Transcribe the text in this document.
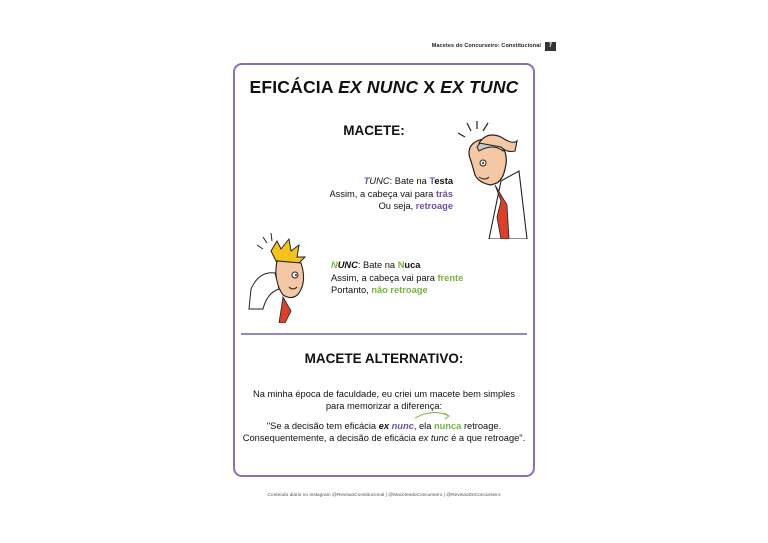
Macetes do Concurseiro: Constitucional	7
EFICÁCIA EX NUNC X EX TUNC
MACETE:
TUNC: Bate na Testa
Assim, a cabeça vai para trás
Ou seja, retroage
NUNC: Bate na Nuca
Assim, a cabeça vai para frente
Portanto, não retroage
MACETE ALTERNATIVO:
Na minha época de faculdade, eu criei um macete bem simples
para memorizar a diferença:
"Se a decisão tem eficácia ex nunc, ela nunca retroage.
Consequentemente, a decisão de eficácia ex tunc é a que retroage".
Conteúdo diário no Instagram @RevisaoConstitucional | @MacetesdoConcurseiro | @RevisaoDeConcurseiro
